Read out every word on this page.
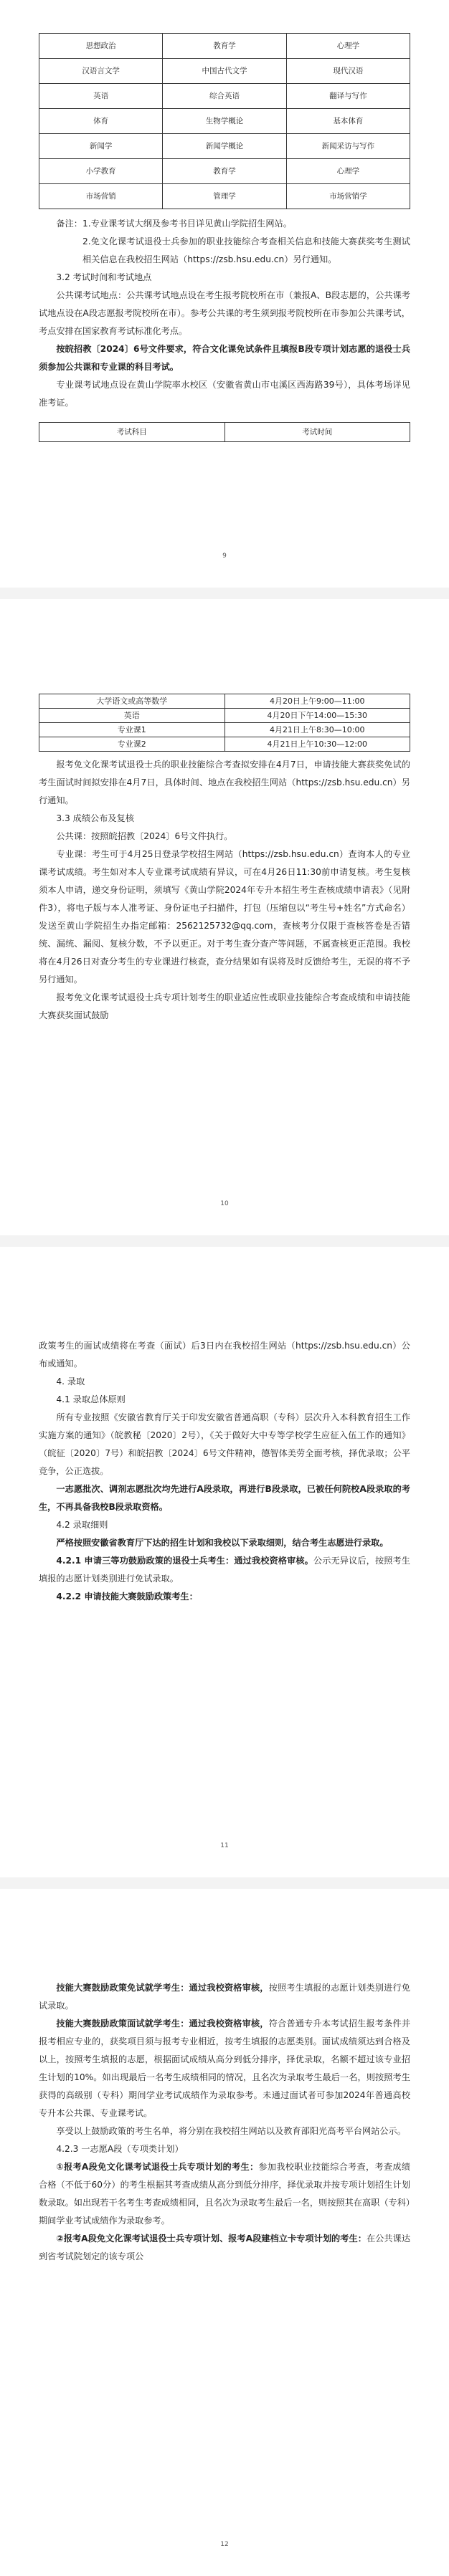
思想政治	教育学	心理学
汉语言文学	中国古代文学	现代汉语
英语	综合英语	翻译与写作
体育	生物学概论	基本体育
新闻学	新闻学概论	新闻采访与写作
小学教育	教育学	心理学
市场营销	管理学	市场营销学

备注：1.专业课考试大纲及参考书目详见黄山学院招生网站。

2.免文化课考试退役士兵参加的职业技能综合考查相关信息和技能大赛获奖考生测试相关信息在我校招生网站（https://zsb.hsu.edu.cn）另行通知。

3.2 考试时间和考试地点

公共课考试地点：公共课考试地点设在考生报考院校所在市（兼报A、B段志愿的，公共课考试地点设在A段志愿报考院校所在市）。参考公共课的考生须到报考院校所在市参加公共课考试，考点安排在国家教育考试标准化考点。

按皖招教〔2024〕6号文件要求，符合文化课免试条件且填报B段专项计划志愿的退役士兵须参加公共课和专业课的科目考试。

专业课考试地点设在黄山学院率水校区（安徽省黄山市屯溪区西海路39号），具体考场详见准考证。

考试科目	考试时间
9
大学语文或高等数学	4月20日上午9:00—11:00
英语	4月20日下午14:00—15:30
专业课1	4月21日上午8:30—10:00
专业课2	4月21日上午10:30—12:00

报考免文化课考试退役士兵的职业技能综合考查拟安排在4月7日，申请技能大赛获奖免试的考生面试时间拟安排在4月7日，具体时间、地点在我校招生网站（https://zsb.hsu.edu.cn）另行通知。

3.3 成绩公布及复核

公共课：按照皖招教〔2024〕6号文件执行。

专业课：考生可于4月25日登录学校招生网站（https://zsb.hsu.edu.cn）查询本人的专业课考试成绩。考生如对本人专业课考试成绩有异议，可在4月26日11:30前申请复核。考生复核须本人申请，递交身份证明，须填写《黄山学院2024年专升本招生考生查核成绩申请表》（见附件3），将电子版与本人准考证、身份证电子扫描件，打包（压缩包以“考生号+姓名”方式命名）发送至黄山学院招生办指定邮箱：2562125732@qq.com，查核考分仅限于查核答卷是否错统、漏统、漏阅、复核分数，不予以更正。对于考生查分查产等问题，不属查核更正范围。我校将在4月26日对查分考生的专业课进行核查，查分结果如有误将及时反馈给考生，无误的将不予另行通知。

报考免文化课考试退役士兵专项计划考生的职业适应性或职业技能综合考查成绩和申请技能大赛获奖面试鼓励

10

政策考生的面试成绩将在考查（面试）后3日内在我校招生网站（https://zsb.hsu.edu.cn）公布或通知。

4. 录取

4.1 录取总体原则

所有专业按照《安徽省教育厅关于印发安徽省普通高职（专科）层次升入本科教育招生工作实施方案的通知》（皖教秘〔2020〕2号），《关于做好大中专等学校学生应征入伍工作的通知》（皖征〔2020〕7号）和皖招教〔2024〕6号文件精神，德智体美劳全面考核，择优录取；公平竞争，公正选拔。

一志愿批次、调剂志愿批次均先进行A段录取，再进行B段录取，已被任何院校A段录取的考生，不再具备我校B段录取资格。

4.2 录取细则

严格按照安徽省教育厅下达的招生计划和我校以下录取细则，结合考生志愿进行录取。

4.2.1 申请三等功鼓励政策的退役士兵考生：通过我校资格审核。公示无异议后，按照考生填报的志愿计划类别进行免试录取。

4.2.2 申请技能大赛鼓励政策考生：

11

技能大赛鼓励政策免试就学考生：通过我校资格审核，按照考生填报的志愿计划类别进行免试录取。

技能大赛鼓励政策面试就学考生：通过我校资格审核，符合普通专升本考试招生报考条件并报考相应专业的，获奖项目须与报考专业相近，按考生填报的志愿类别。面试成绩须达到合格及以上，按照考生填报的志愿，根据面试成绩从高分到低分排序，择优录取，名额不超过该专业招生计划的10%。如出现最后一名考生成绩相同的情况，且名次为录取考生最后一名，则按照考生获得的高级别（专科）期间学业考试成绩作为录取参考。未通过面试者可参加2024年普通高校专升本公共课、专业课考试。

享受以上鼓励政策的考生名单，将分别在我校招生网站以及教育部阳光高考平台网站公示。

4.2.3 一志愿A段（专项类计划）

①报考A段免文化课考试退役士兵专项计划的考生：参加我校职业技能综合考查，考查成绩合格（不低于60分）的考生根据其考查成绩从高分到低分排序，择优录取并按专项计划招生计划数录取。如出现若干名考生考查成绩相同，且名次为录取考生最后一名，则按照其在高职（专科）期间学业考试成绩作为录取参考。

②报考A段免文化课考试退役士兵专项计划、报考A段建档立卡专项计划的考生：在公共课达到省考试院划定的该专项公

12
